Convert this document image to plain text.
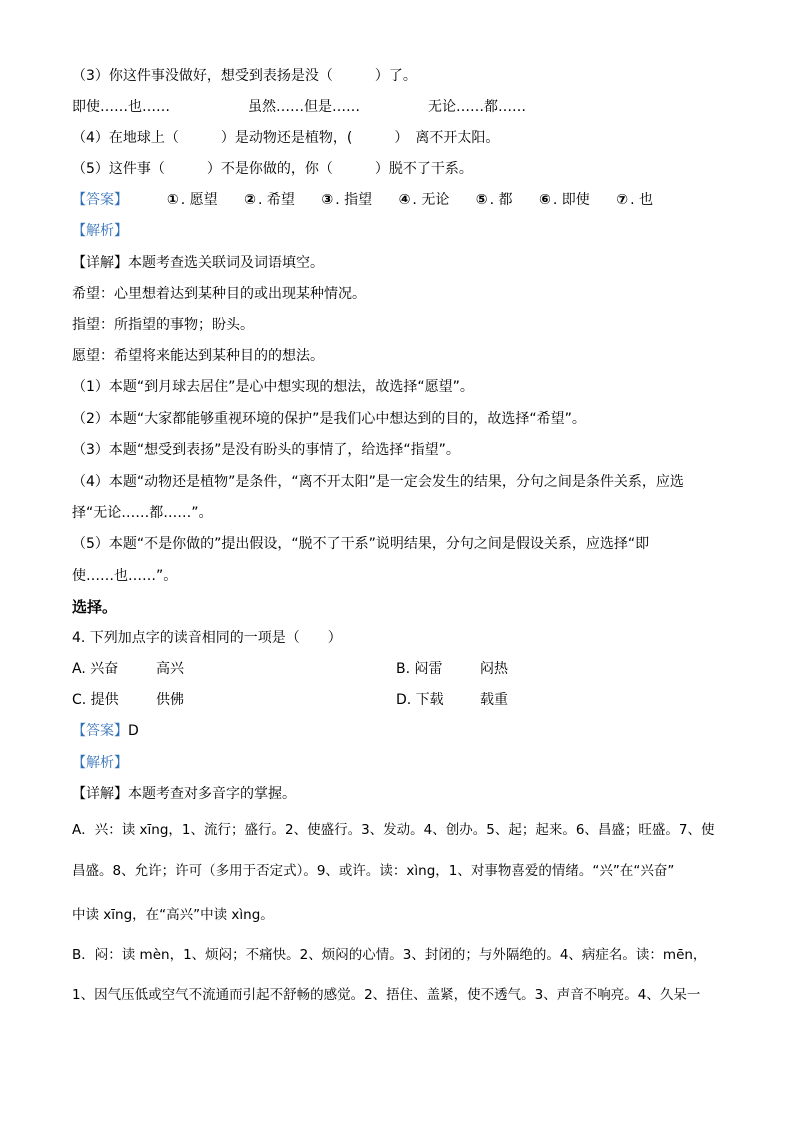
（3）你这件事没做好，想受到表扬是没（　　　）了。
即使……也……	虽然……但是……	无论……都……
（4）在地球上（　　　）是动物还是植物，(　　　）　离不开太阳。
（5）这件事（　　　）不是你做的，你（　　　）脱不了干系。
【答案】	① . 愿望 ② . 希望 ③ . 指望 ④ . 无论 ⑤ . 都 ⑥ . 即使 ⑦ . 也
【解析】
【详解】本题考查选关联词及词语填空。
希望：心里想着达到某种目的或出现某种情况。
指望：所指望的事物；盼头。
愿望：希望将来能达到某种目的的想法。
（1）本题“到月球去居住”是心中想实现的想法，故选择“愿望”。
（2）本题“大家都能够重视环境的保护”是我们心中想达到的目的，故选择“希望”。
（3）本题“想受到表扬”是没有盼头的事情了，给选择“指望”。
（4）本题“动物还是植物”是条件，“离不开太阳”是一定会发生的结果，分句之间是条件关系，应选
择“无论……都……”。
（5）本题“不是你做的”提出假设，“脱不了干系”说明结果，分句之间是假设关系，应选择“即
使……也……”。
选择。
4. 下列加点字的读音相同的一项是（　　）
A. 兴奋	高兴	B. 闷雷	闷热
C. 提供	供佛	D. 下载	载重
【答案】D
【解析】
【详解】本题考查对多音字的掌握。
A．兴：读 xīng，1、流行；盛行。2、使盛行。3、发动。4、创办。5、起；起来。6、昌盛；旺盛。7、使
昌盛。8、允许；许可（多用于否定式）。9、或许。读：xìng，1、对事物喜爱的情绪。“兴”在“兴奋”
中读 xīng，在“高兴”中读 xìng。
B．闷：读 mèn，1、烦闷；不痛快。2、烦闷的心情。3、封闭的；与外隔绝的。4、病症名。读：mēn，
1、因气压低或空气不流通而引起不舒畅的感觉。2、捂住、盖紧，使不透气。3、声音不响亮。4、久呆一
